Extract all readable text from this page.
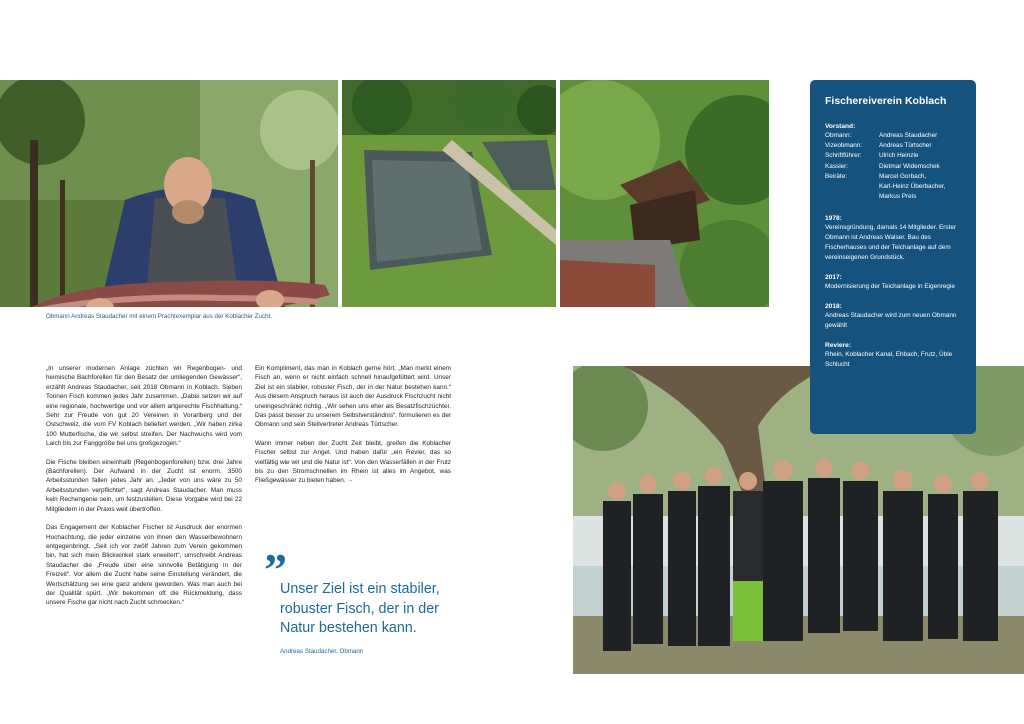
Obmann Andreas Staudacher mit einem Prachtexemplar aus der Koblacher Zucht.

„In unserer modernen Anlage züchten wir Regenbogen- und heimische Bachforellen für den Besatz der umliegenden Gewässer“, erzählt Andreas Staudacher, seit 2018 Obmann in Koblach. Sieben Tonnen Fisch kommen jedes Jahr zusammen. „Dabei setzen wir auf eine regionale, hochwertige und vor allem artgerechte Fischhaltung.“ Sehr zur Freude von gut 20 Vereinen in Vorarlberg und der Ostschweiz, die vom FV Koblach beliefert werden. „Wir haben zirka 100 Mutterfische, die wir selbst streifen. Der Nachwuchs wird vom Laich bis zur Fanggröße bei uns großgezogen.“

Die Fische bleiben eineinhalb (Regenbogenforellen) bzw. drei Jahre (Bachforellen). Der Aufwand in der Zucht ist enorm. 3500 Arbeitsstunden fallen jedes Jahr an. „Jeder von uns wäre zu 50 Arbeitsstunden verpflichtet“, sagt Andreas Staudacher. Man muss kein Rechengenie sein, um festzustellen: Diese Vorgabe wird bei 22 Mitgliedern in der Praxis weit übertroffen.

Das Engagement der Koblacher Fischer ist Ausdruck der enormen Hochachtung, die jeder einzelne von ihnen den Wasserbewohnern entgegenbringt. „Seit ich vor zwölf Jahren zum Verein gekommen bin, hat sich mein Blickwinkel stark erweitert“, umschreibt Andreas Staudacher die „Freude über eine sinnvolle Betätigung in der Freizeit“. Vor allem die Zucht habe seine Einstellung verändert, die Wertschätzung sei eine ganz andere geworden. Was man auch bei der Qualität spürt. „Wir bekommen oft die Rückmeldung, dass unsere Fische gar nicht nach Zucht schmecken.“

Ein Kompliment, das man in Koblach gerne hört. „Man merkt einem Fisch an, wenn er nicht einfach schnell hinaufgefüttert wird. Unser Ziel ist ein stabiler, robuster Fisch, der in der Natur bestehen kann.“ Aus diesem Anspruch heraus ist auch der Ausdruck Fischzucht nicht uneingeschränkt richtig. „Wir sehen uns eher als Besatzfischzüchter. Das passt besser zu unserem Selbstverständnis“, formulieren es der Obmann und sein Stellvertreter Andreas Türtscher.

Wann immer neben der Zucht Zeit bleibt, greifen die Koblacher Fischer selbst zur Angel. Und haben dafür „ein Revier, das so vielfältig wie wir und die Natur ist“. Von den Wasserfällen in der Frutz bis zu den Stromschnellen im Rhein ist alles im Angebot, was Fließgewässer zu bieten haben. →

”
Unser Ziel ist ein stabiler, robuster Fisch, der in der Natur bestehen kann.
Andreas Staudacher, Obmann
Fischereiverein Koblach
Vorstand:
Obmann:	Andreas Staudacher
Vizeobmann:	Andreas Türtscher
Schriftführer:	Ulrich Heinzle
Kassier:	Dietmar Widemschek
Beiräte:	Marcel Gorbach,
	Karl-Heinz Überbacher,
	Markus Preis
1978:
Vereinsgründung, damals 14 Mitglieder. Erster Obmann ist Andreas Walser. Bau des Fischerhauses und der Teichanlage auf dem vereinseigenen Grundstück.
2017:
Modernisierung der Teichanlage in Eigenregie
2018:
Andreas Staudacher wird zum neuen Obmann gewählt
Reviere:
Rhein, Koblacher Kanal, Ehbach, Frutz, Üble Schlucht
